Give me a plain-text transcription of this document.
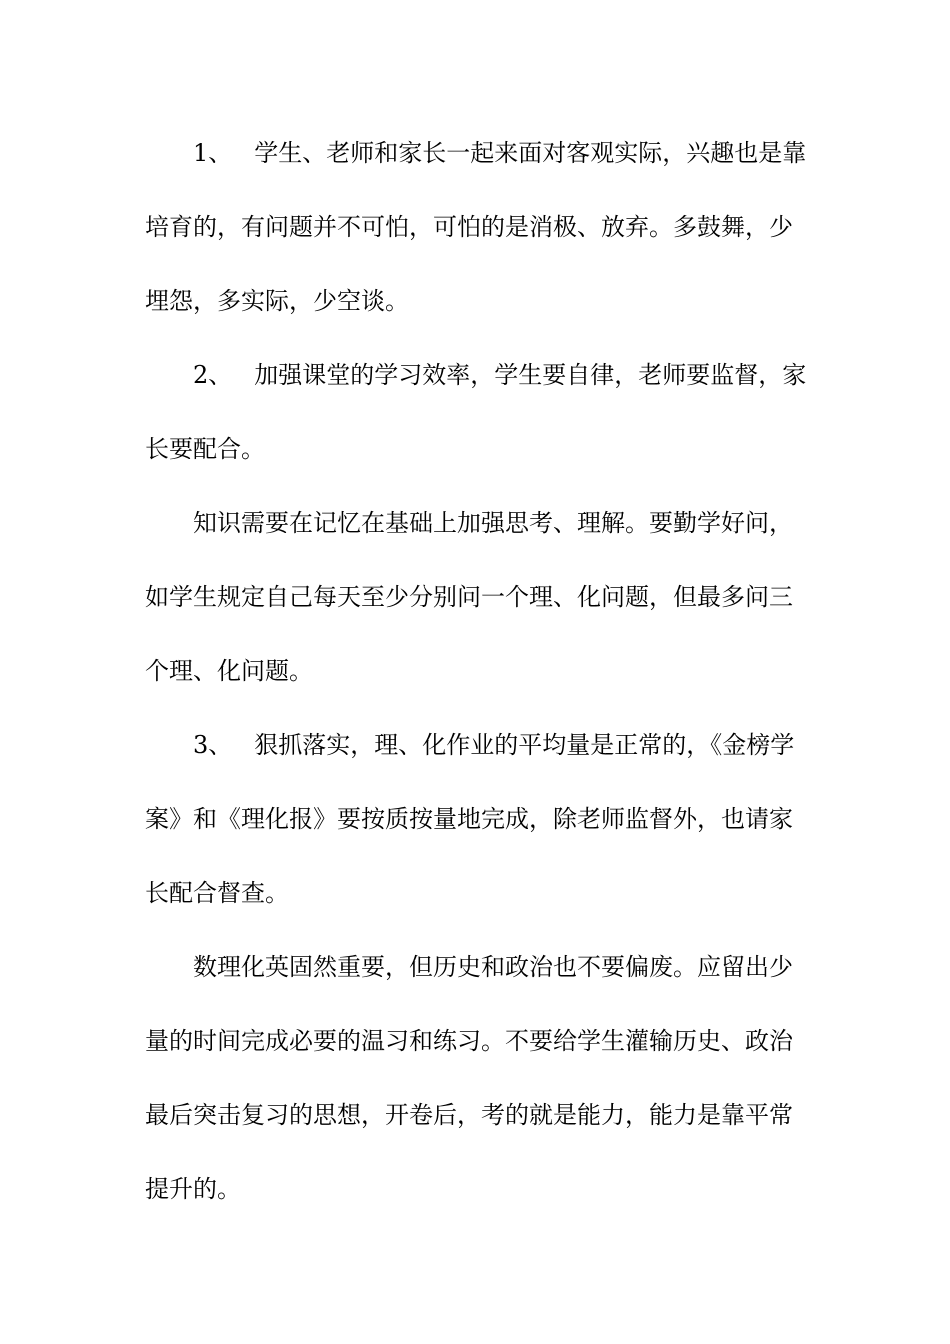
1、 学生、老师和家长一起来面对客观实际，兴趣也是靠
培育的，有问题并不可怕，可怕的是消极、放弃。多鼓舞，少
埋怨，多实际，少空谈。
2、 加强课堂的学习效率，学生要自律，老师要监督，家
长要配合。
知识需要在记忆在基础上加强思考、理解。要勤学好问，
如学生规定自己每天至少分别问一个理、化问题，但最多问三
个理、化问题。
3、 狠抓落实，理、化作业的平均量是正常的，《金榜学
案》和《理化报》要按质按量地完成，除老师监督外，也请家
长配合督查。
数理化英固然重要，但历史和政治也不要偏废。应留出少
量的时间完成必要的温习和练习。不要给学生灌输历史、政治
最后突击复习的思想，开卷后，考的就是能力，能力是靠平常
提升的。
